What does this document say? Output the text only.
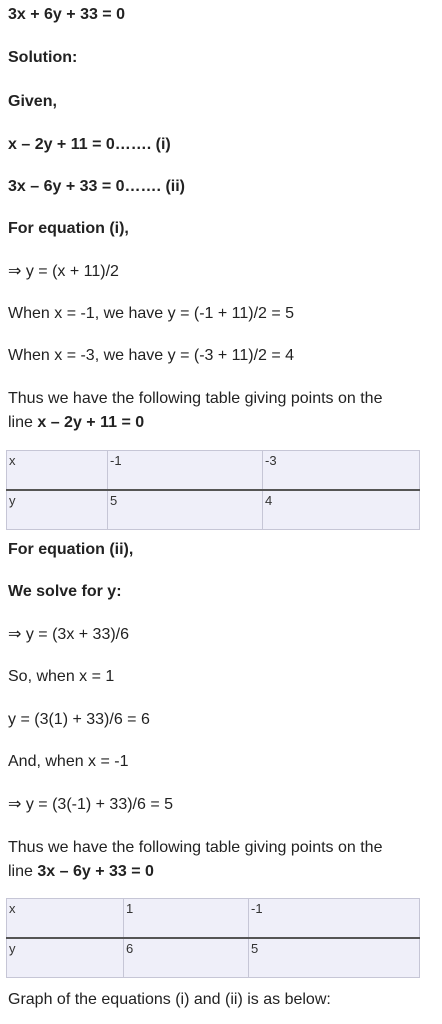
3x + 6y + 33 = 0
Solution:
Given,
x – 2y + 11 = 0……. (i)
3x – 6y + 33 = 0……. (ii)
For equation (i),
⇒ y = (x + 11)/2
When x = -1, we have y = (-1 + 11)/2 = 5
When x = -3, we have y = (-3 + 11)/2 = 4
Thus we have the following table giving points on the
line x – 2y + 11 = 0
x	-1	-3
y	5	4
For equation (ii),
We solve for y:
⇒ y = (3x + 33)/6
So, when x = 1
y = (3(1) + 33)/6 = 6
And, when x = -1
⇒ y = (3(-1) + 33)/6 = 5
Thus we have the following table giving points on the
line 3x – 6y + 33 = 0
x	1	-1
y	6	5
Graph of the equations (i) and (ii) is as below:
